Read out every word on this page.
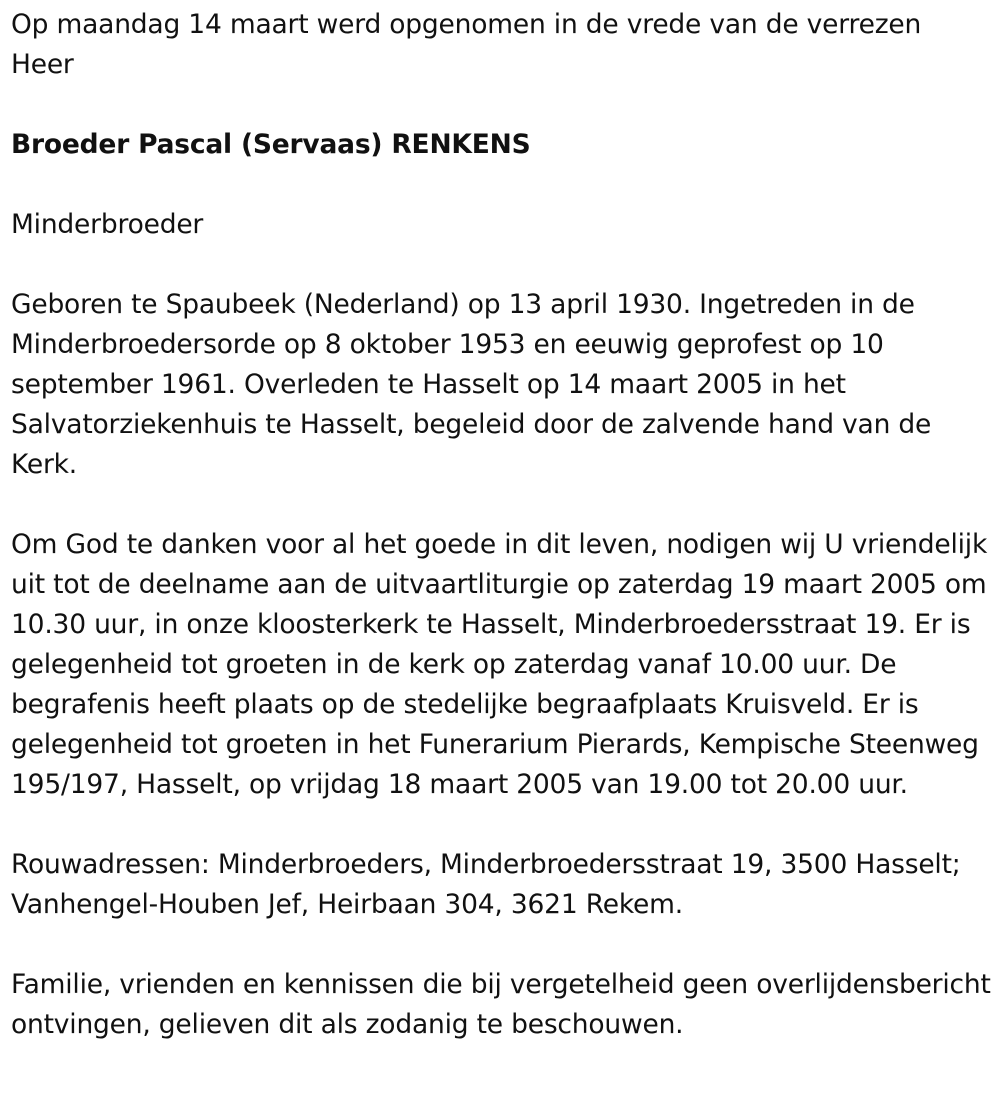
Op maandag 14 maart werd opgenomen in de vrede van de verrezen Heer

Broeder Pascal (Servaas) RENKENS

Minderbroeder

Geboren te Spaubeek (Nederland) op 13 april 1930. Ingetreden in de Minderbroedersorde op 8 oktober 1953 en eeuwig geprofest op 10 september 1961. Overleden te Hasselt op 14 maart 2005 in het Salvatorziekenhuis te Hasselt, begeleid door de zalvende hand van de Kerk.

Om God te danken voor al het goede in dit leven, nodigen wij U vriendelijk uit tot de deelname aan de uitvaartliturgie op zaterdag 19 maart 2005 om 10.30 uur, in onze kloosterkerk te Hasselt, Minderbroedersstraat 19. Er is gelegenheid tot groeten in de kerk op zaterdag vanaf 10.00 uur. De begrafenis heeft plaats op de stedelijke begraafplaats Kruisveld. Er is gelegenheid tot groeten in het Funerarium Pierards, Kempische Steenweg 195/197, Hasselt, op vrijdag 18 maart 2005 van 19.00 tot 20.00 uur.

Rouwadressen: Minderbroeders, Minderbroedersstraat 19, 3500 Hasselt; Vanhengel-Houben Jef, Heirbaan 304, 3621 Rekem.

Familie, vrienden en kennissen die bij vergetelheid geen overlijdensbericht ontvingen, gelieven dit als zodanig te beschouwen.
